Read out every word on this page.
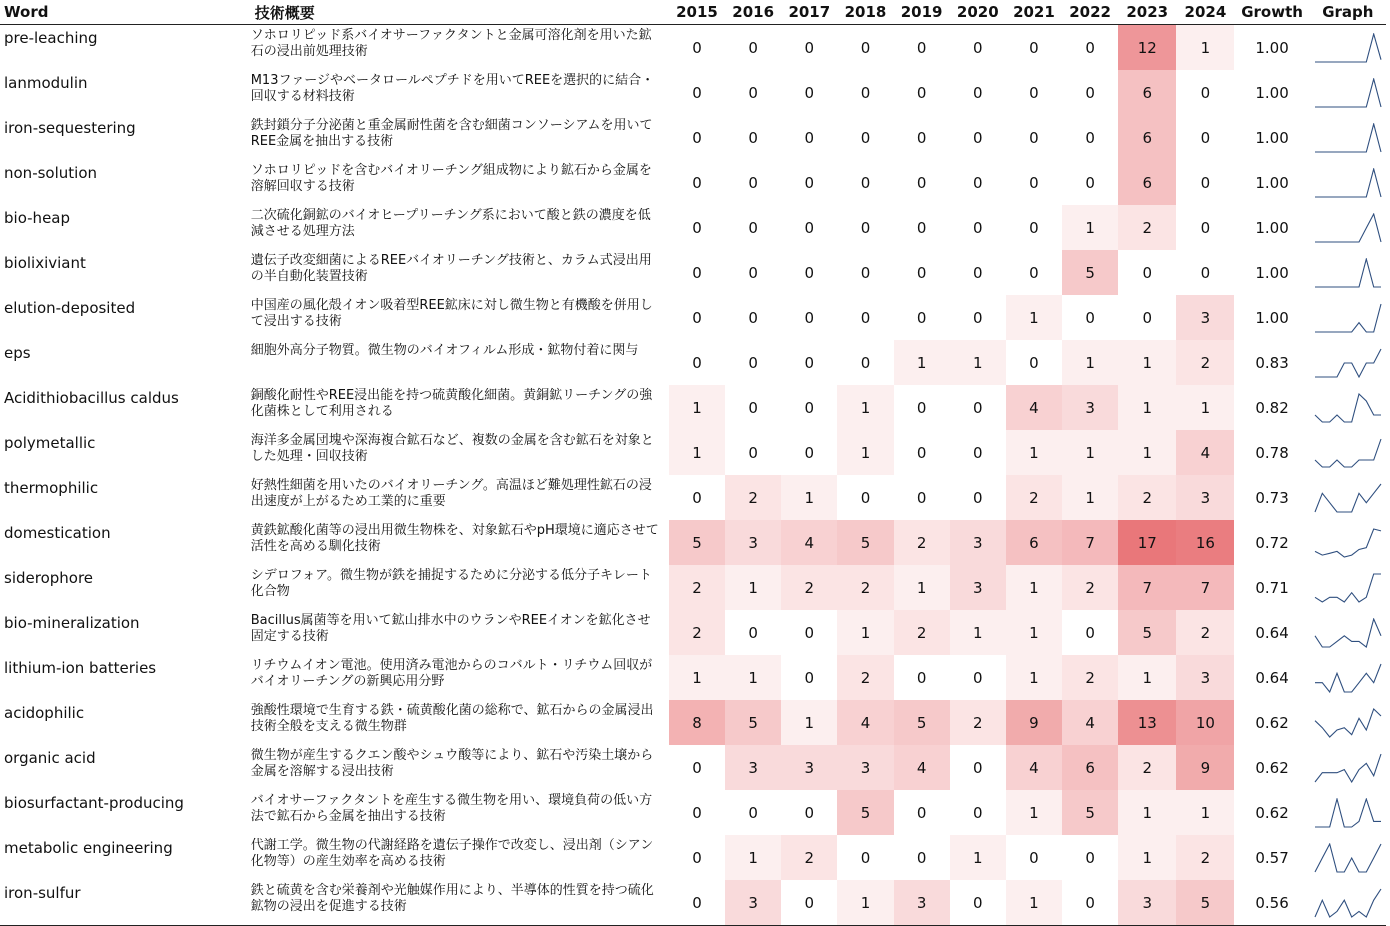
Word	技術概要	2015	2016	2017	2018	2019	2020	2021	2022	2023	2024	Growth	Graph
pre-leaching	ソホロリピッド系バイオサーファクタントと金属可溶化剤を用いた鉱石の浸出前処理技術	0	0	0	0	0	0	0	0	12	1	1.00	

lanmodulin	M13ファージやベータロールペプチドを用いてREEを選択的に結合・回収する材料技術	0	0	0	0	0	0	0	0	6	0	1.00	

iron-sequestering	鉄封鎖分子分泌菌と重金属耐性菌を含む細菌コンソーシアムを用いてREE金属を抽出する技術	0	0	0	0	0	0	0	0	6	0	1.00	

non-solution	ソホロリピッドを含むバイオリーチング組成物により鉱石から金属を溶解回収する技術	0	0	0	0	0	0	0	0	6	0	1.00	

bio-heap	二次硫化銅鉱のバイオヒープリーチング系において酸と鉄の濃度を低減させる処理方法	0	0	0	0	0	0	0	1	2	0	1.00	

biolixiviant	遺伝子改変細菌によるREEバイオリーチング技術と、カラム式浸出用の半自動化装置技術	0	0	0	0	0	0	0	5	0	0	1.00	

elution-deposited	中国産の風化殻イオン吸着型REE鉱床に対し微生物と有機酸を併用して浸出する技術	0	0	0	0	0	0	1	0	0	3	1.00	

eps	細胞外高分子物質。微生物のバイオフィルム形成・鉱物付着に関与	0	0	0	0	1	1	0	1	1	2	0.83	

Acidithiobacillus caldus	銅酸化耐性やREE浸出能を持つ硫黄酸化細菌。黄銅鉱リーチングの強化菌株として利用される	1	0	0	1	0	0	4	3	1	1	0.82	

polymetallic	海洋多金属団塊や深海複合鉱石など、複数の金属を含む鉱石を対象とした処理・回収技術	1	0	0	1	0	0	1	1	1	4	0.78	

thermophilic	好熱性細菌を用いたのバイオリーチング。高温ほど難処理性鉱石の浸出速度が上がるため工業的に重要	0	2	1	0	0	0	2	1	2	3	0.73	

domestication	黄鉄鉱酸化菌等の浸出用微生物株を、対象鉱石やpH環境に適応させて活性を高める馴化技術	5	3	4	5	2	3	6	7	17	16	0.72	

siderophore	シデロフォア。微生物が鉄を捕捉するために分泌する低分子キレート化合物	2	1	2	2	1	3	1	2	7	7	0.71	

bio-mineralization	Bacillus属菌等を用いて鉱山排水中のウランやREEイオンを鉱化させ固定する技術	2	0	0	1	2	1	1	0	5	2	0.64	

lithium-ion batteries	リチウムイオン電池。使用済み電池からのコバルト・リチウム回収がバイオリーチングの新興応用分野	1	1	0	2	0	0	1	2	1	3	0.64	

acidophilic	強酸性環境で生育する鉄・硫黄酸化菌の総称で、鉱石からの金属浸出技術全般を支える微生物群	8	5	1	4	5	2	9	4	13	10	0.62	

organic acid	微生物が産生するクエン酸やシュウ酸等により、鉱石や汚染土壌から金属を溶解する浸出技術	0	3	3	3	4	0	4	6	2	9	0.62	

biosurfactant-producing	バイオサーファクタントを産生する微生物を用い、環境負荷の低い方法で鉱石から金属を抽出する技術	0	0	0	5	0	0	1	5	1	1	0.62	

metabolic engineering	代謝工学。微生物の代謝経路を遺伝子操作で改変し、浸出剤（シアン化物等）の産生効率を高める技術	0	1	2	0	0	1	0	0	1	2	0.57	

iron-sulfur	鉄と硫黄を含む栄養剤や光触媒作用により、半導体的性質を持つ硫化鉱物の浸出を促進する技術	0	3	0	1	3	0	1	0	3	5	0.56	
